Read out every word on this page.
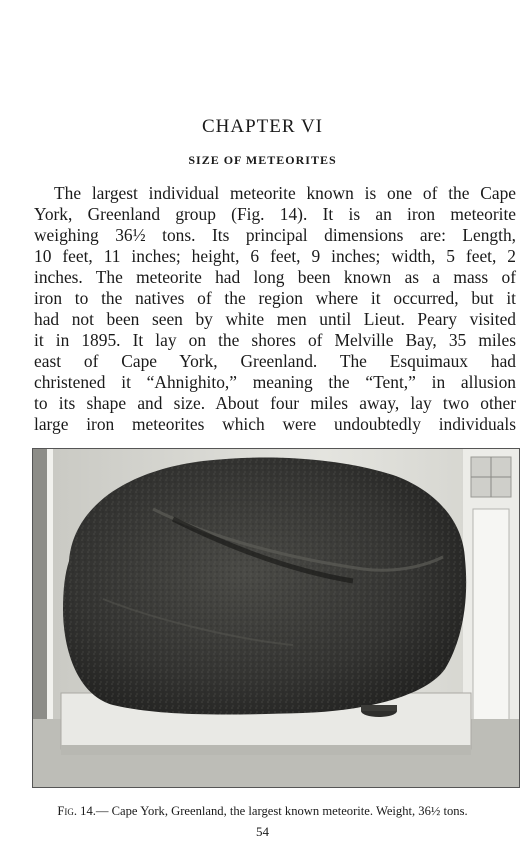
CHAPTER VI
SIZE OF METEORITES
The largest individual meteorite known is one of the Cape
York, Greenland group (Fig. 14). It is an iron meteorite
weighing 36½ tons. Its principal dimensions are: Length,
10 feet, 11 inches; height, 6 feet, 9 inches; width, 5 feet, 2
inches. The meteorite had long been known as a mass of
iron to the natives of the region where it occurred, but it
had not been seen by white men until Lieut. Peary visited
it in 1895. It lay on the shores of Melville Bay, 35 miles
east of Cape York, Greenland. The Esquimaux had
christened it “Ahnighito,” meaning the “Tent,” in allusion
to its shape and size. About four miles away, lay two other
large iron meteorites which were undoubtedly individuals
Fig. 14.— Cape York, Greenland, the largest known meteorite. Weight, 36½ tons.
54
